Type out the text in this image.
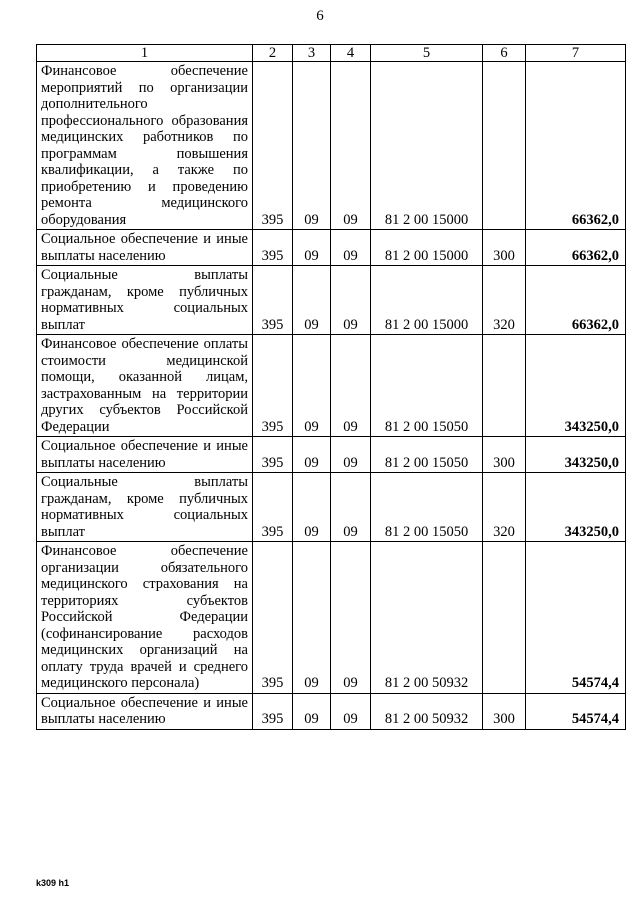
6
1	2	3	4	5	6	7
Финансовое обеспечение мероприятий по организации дополнительного профессионального образования медицинских работников по программам повышения квалификации, а также по приобретению и проведению ремонта медицинского оборудования	395	09	09	81 2 00 15000		66362,0
Социальное обеспечение и иные выплаты населению	395	09	09	81 2 00 15000	300	66362,0
Социальные выплаты гражданам, кроме публичных нормативных социальных выплат	395	09	09	81 2 00 15000	320	66362,0
Финансовое обеспечение оплаты стоимости медицинской помощи, оказанной лицам, застрахованным на территории других субъектов Российской Федерации	395	09	09	81 2 00 15050		343250,0
Социальное обеспечение и иные выплаты населению	395	09	09	81 2 00 15050	300	343250,0
Социальные выплаты гражданам, кроме публичных нормативных социальных выплат	395	09	09	81 2 00 15050	320	343250,0
Финансовое обеспечение организации обязательного медицинского страхования на территориях субъектов Российской Федерации (софинансирование расходов медицинских организаций на оплату труда врачей и среднего медицинского персонала)	395	09	09	81 2 00 50932		54574,4
Социальное обеспечение и иные выплаты населению	395	09	09	81 2 00 50932	300	54574,4
k309 h1
